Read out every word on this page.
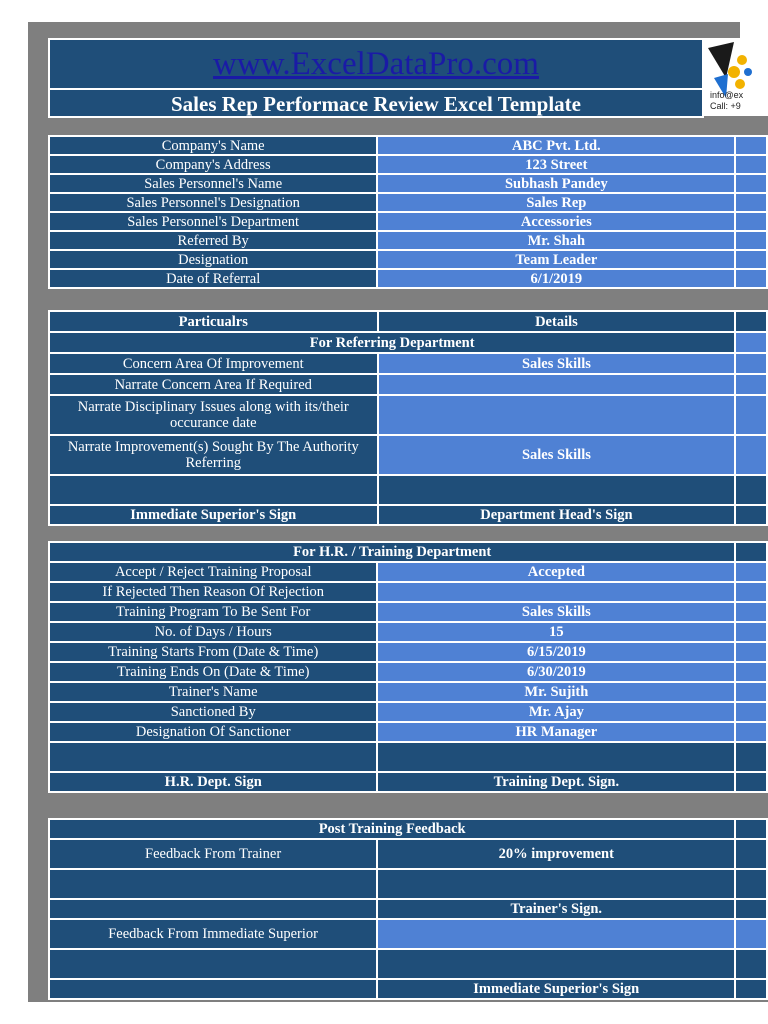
www.ExcelDataPro.com
Sales Rep Performace Review Excel Template	info@ex
Call: +9
Company's Name	ABC Pvt. Ltd.	
Company's Address	123 Street	
Sales Personnel's Name	Subhash Pandey	
Sales Personnel's Designation	Sales Rep	
Sales Personnel's Department	Accessories	
Referred By	Mr. Shah	
Designation	Team Leader	
Date of Referral	6/1/2019	
Particualrs	Details	
For Referring Department		
Concern Area Of Improvement	Sales Skills	
Narrate Concern Area If Required		
Narrate Disciplinary Issues along with its/their occurance date		
Narrate Improvement(s) Sought By The Authority Referring	Sales Skills	

Immediate Superior's Sign	Department Head's Sign	
For H.R. / Training Department		
Accept / Reject Training Proposal	Accepted	
If Rejected Then Reason Of Rejection		
Training Program To Be Sent For	Sales Skills	
No. of Days / Hours	15	
Training Starts From (Date & Time)	6/15/2019	
Training Ends On (Date & Time)	6/30/2019	
Trainer's Name	Mr. Sujith	
Sanctioned By	Mr. Ajay	
Designation Of Sanctioner	HR Manager	

H.R. Dept. Sign	Training Dept. Sign.	
Post Training Feedback		
Feedback From Trainer	20% improvement	

	Trainer's Sign.	
Feedback From Immediate Superior		

	Immediate Superior's Sign	
